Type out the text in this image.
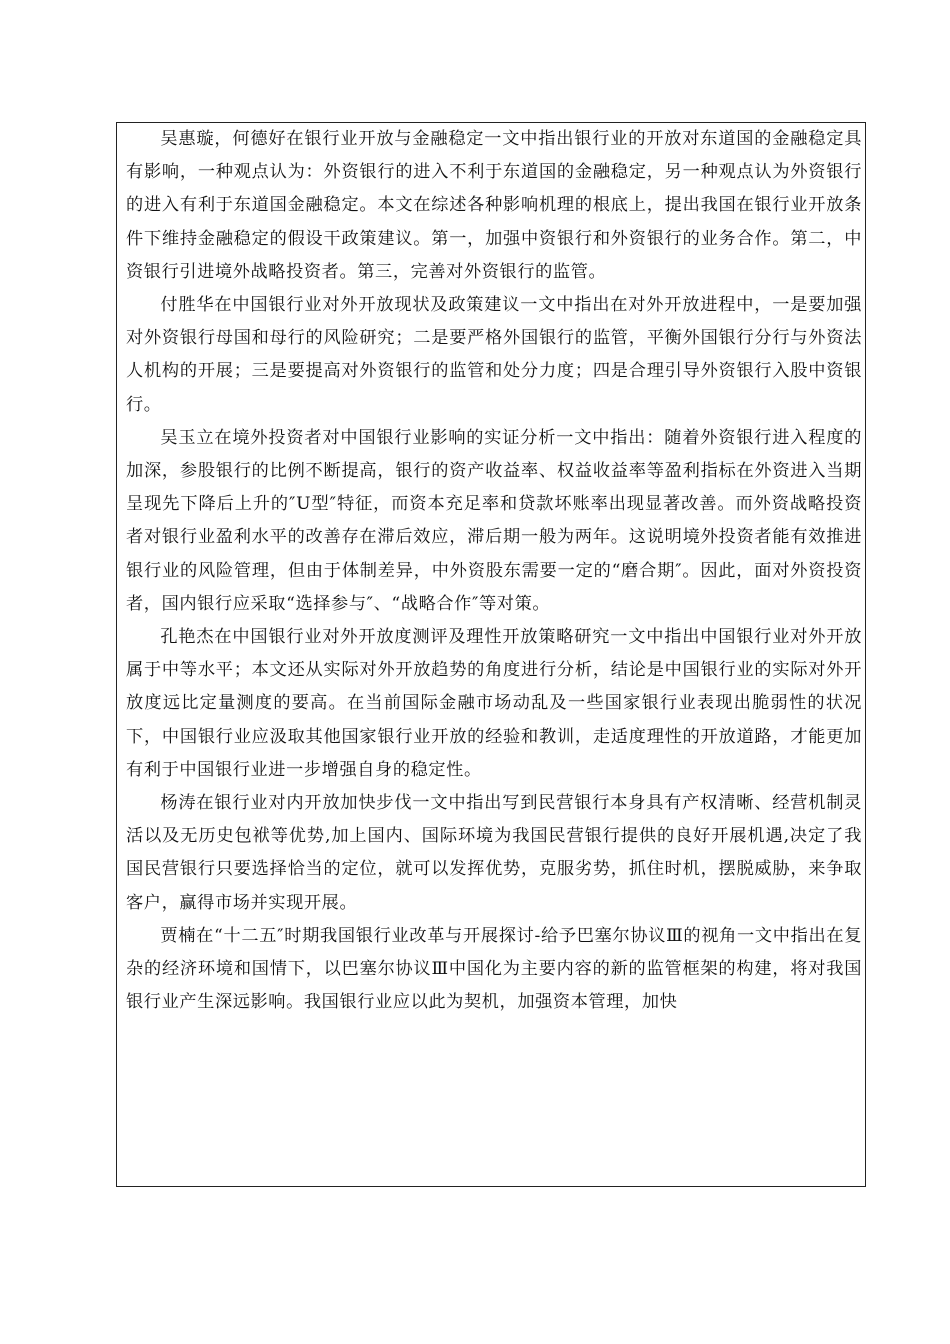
吴惠璇，何德好在银行业开放与金融稳定一文中指出银行业的开放对东道国的金融稳定具有影响，一种观点认为：外资银行的进入不利于东道国的金融稳定，另一种观点认为外资银行的进入有利于东道国金融稳定。本文在综述各种影响机理的根底上，提出我国在银行业开放条件下维持金融稳定的假设干政策建议。第一，加强中资银行和外资银行的业务合作。第二，中资银行引进境外战略投资者。第三，完善对外资银行的监管。

付胜华在中国银行业对外开放现状及政策建议一文中指出在对外开放进程中，一是要加强对外资银行母国和母行的风险研究；二是要严格外国银行的监管，平衡外国银行分行与外资法人机构的开展；三是要提高对外资银行的监管和处分力度；四是合理引导外资银行入股中资银行。

吴玉立在境外投资者对中国银行业影响的实证分析一文中指出：随着外资银行进入程度的加深，参股银行的比例不断提高，银行的资产收益率、权益收益率等盈利指标在外资进入当期呈现先下降后上升的″U型″特征，而资本充足率和贷款坏账率出现显著改善。而外资战略投资者对银行业盈利水平的改善存在滞后效应，滞后期一般为两年。这说明境外投资者能有效推进银行业的风险管理，但由于体制差异，中外资股东需要一定的“磨合期″。因此，面对外资投资者，国内银行应采取“选择参与″、“战略合作″等对策。

孔艳杰在中国银行业对外开放度测评及理性开放策略研究一文中指出中国银行业对外开放属于中等水平；本文还从实际对外开放趋势的角度进行分析，结论是中国银行业的实际对外开放度远比定量测度的要高。在当前国际金融市场动乱及一些国家银行业表现出脆弱性的状况下，中国银行业应汲取其他国家银行业开放的经验和教训，走适度理性的开放道路，才能更加有利于中国银行业进一步增强自身的稳定性。

杨涛在银行业对内开放加快步伐一文中指出写到民营银行本身具有产权清晰、经营机制灵活以及无历史包袱等优势,加上国内、国际环境为我国民营银行提供的良好开展机遇,决定了我国民营银行只要选择恰当的定位，就可以发挥优势，克服劣势，抓住时机，摆脱威胁，来争取客户，赢得市场并实现开展。

贾楠在“十二五″时期我国银行业改革与开展探讨-给予巴塞尔协议Ⅲ的视角一文中指出在复杂的经济环境和国情下，以巴塞尔协议Ⅲ中国化为主要内容的新的监管框架的构建，将对我国银行业产生深远影响。我国银行业应以此为契机，加强资本管理，加快
